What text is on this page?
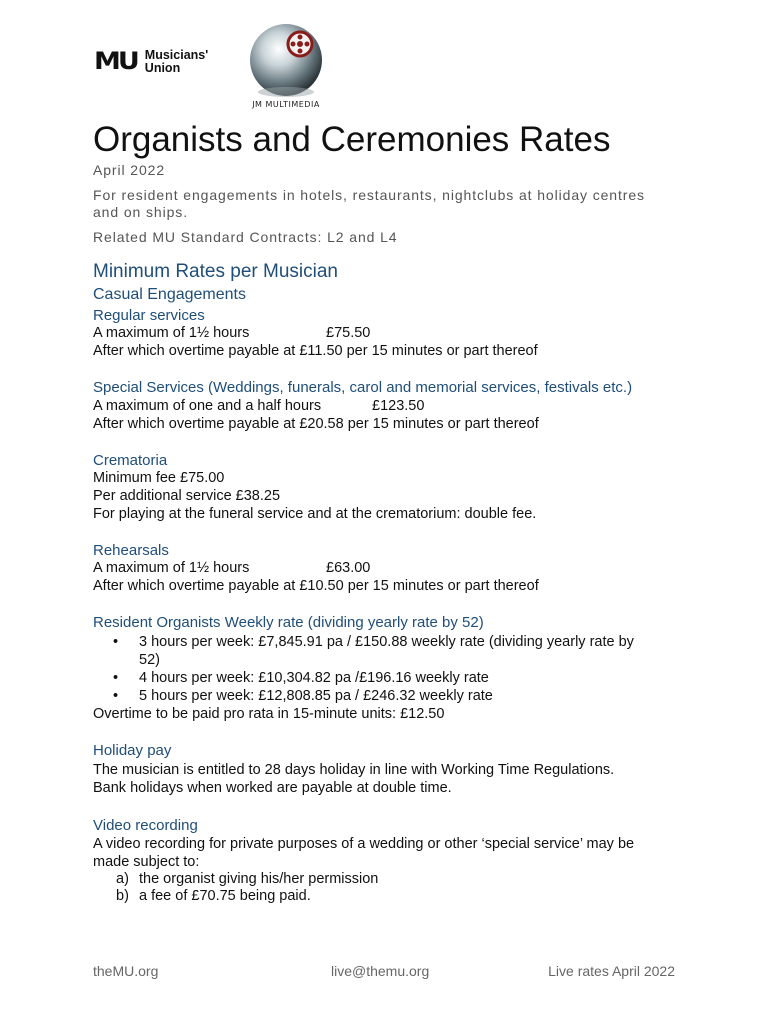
MU Musicians'
Union
JM MULTIMEDIA
Organists and Ceremonies Rates
April 2022
For resident engagements in hotels, restaurants, nightclubs at holiday centres
and on ships.
Related MU Standard Contracts: L2 and L4
Minimum Rates per Musician
Casual Engagements
Regular services
A maximum of 1½ hours	£75.50
After which overtime payable at £11.50 per 15 minutes or part thereof
Special Services (Weddings, funerals, carol and memorial services, festivals etc.)
A maximum of one and a half hours	£123.50
After which overtime payable at £20.58 per 15 minutes or part thereof
Crematoria
Minimum fee £75.00
Per additional service £38.25
For playing at the funeral service and at the crematorium: double fee.
Rehearsals
A maximum of 1½ hours	£63.00
After which overtime payable at £10.50 per 15 minutes or part thereof
Resident Organists Weekly rate (dividing yearly rate by 52)
• 3 hours per week: £7,845.91 pa / £150.88 weekly rate (dividing yearly rate by
52)
• 4 hours per week: £10,304.82 pa /£196.16 weekly rate
• 5 hours per week: £12,808.85 pa / £246.32 weekly rate
Overtime to be paid pro rata in 15-minute units: £12.50
Holiday pay
The musician is entitled to 28 days holiday in line with Working Time Regulations.
Bank holidays when worked are payable at double time.
Video recording
A video recording for private purposes of a wedding or other ‘special service’ may be
made subject to:
a) the organist giving his/her permission
b) a fee of £70.75 being paid.
theMU.org	live@themu.org	Live rates April 2022
